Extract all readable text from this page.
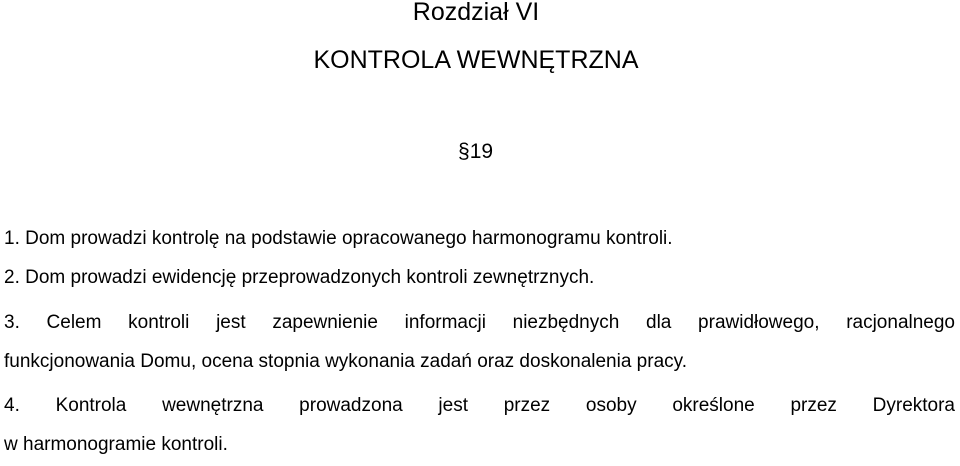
Rozdział VI
KONTROLA WEWNĘTRZNA
§19
1. Dom prowadzi kontrolę na podstawie opracowanego harmonogramu kontroli.
2. Dom prowadzi ewidencję przeprowadzonych kontroli zewnętrznych.
3. Celem kontroli jest zapewnienie informacji niezbędnych dla prawidłowego, racjonalnego
funkcjonowania Domu, ocena stopnia wykonania zadań oraz doskonalenia pracy.
4. Kontrola wewnętrzna prowadzona jest przez osoby określone przez Dyrektora
w harmonogramie kontroli.
